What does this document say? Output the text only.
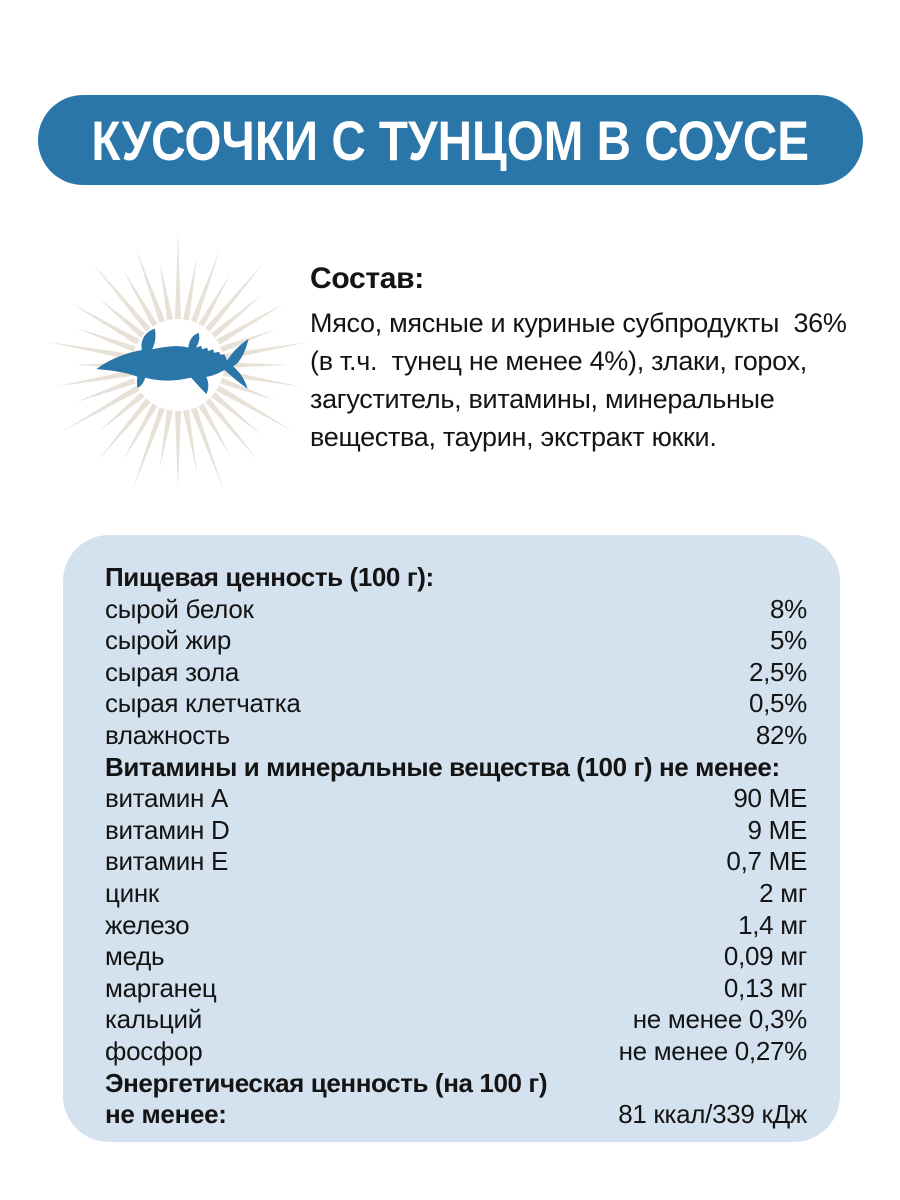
КУСОЧКИ С ТУНЦОМ В СОУСЕ
Состав:
Мясо, мясные и куриные субпродукты  36%
(в т.ч.  тунец не менее 4%), злаки, горох,
загуститель, витамины, минеральные
вещества, таурин, экстракт юкки.
Пищевая ценность (100 г):
сырой белок	8%
сырой жир	5%
сырая зола	2,5%
сырая клетчатка	0,5%
влажность	82%
Витамины и минеральные вещества (100 г) не менее:
витамин A	90 МЕ
витамин D	9 МЕ
витамин E	0,7 МЕ
цинк	2 мг
железо	1,4 мг
медь	0,09 мг
марганец	0,13 мг
кальций	не менее 0,3%
фосфор	не менее 0,27%
Энергетическая ценность (на 100 г)
не менее:	81 ккал/339 кДж
